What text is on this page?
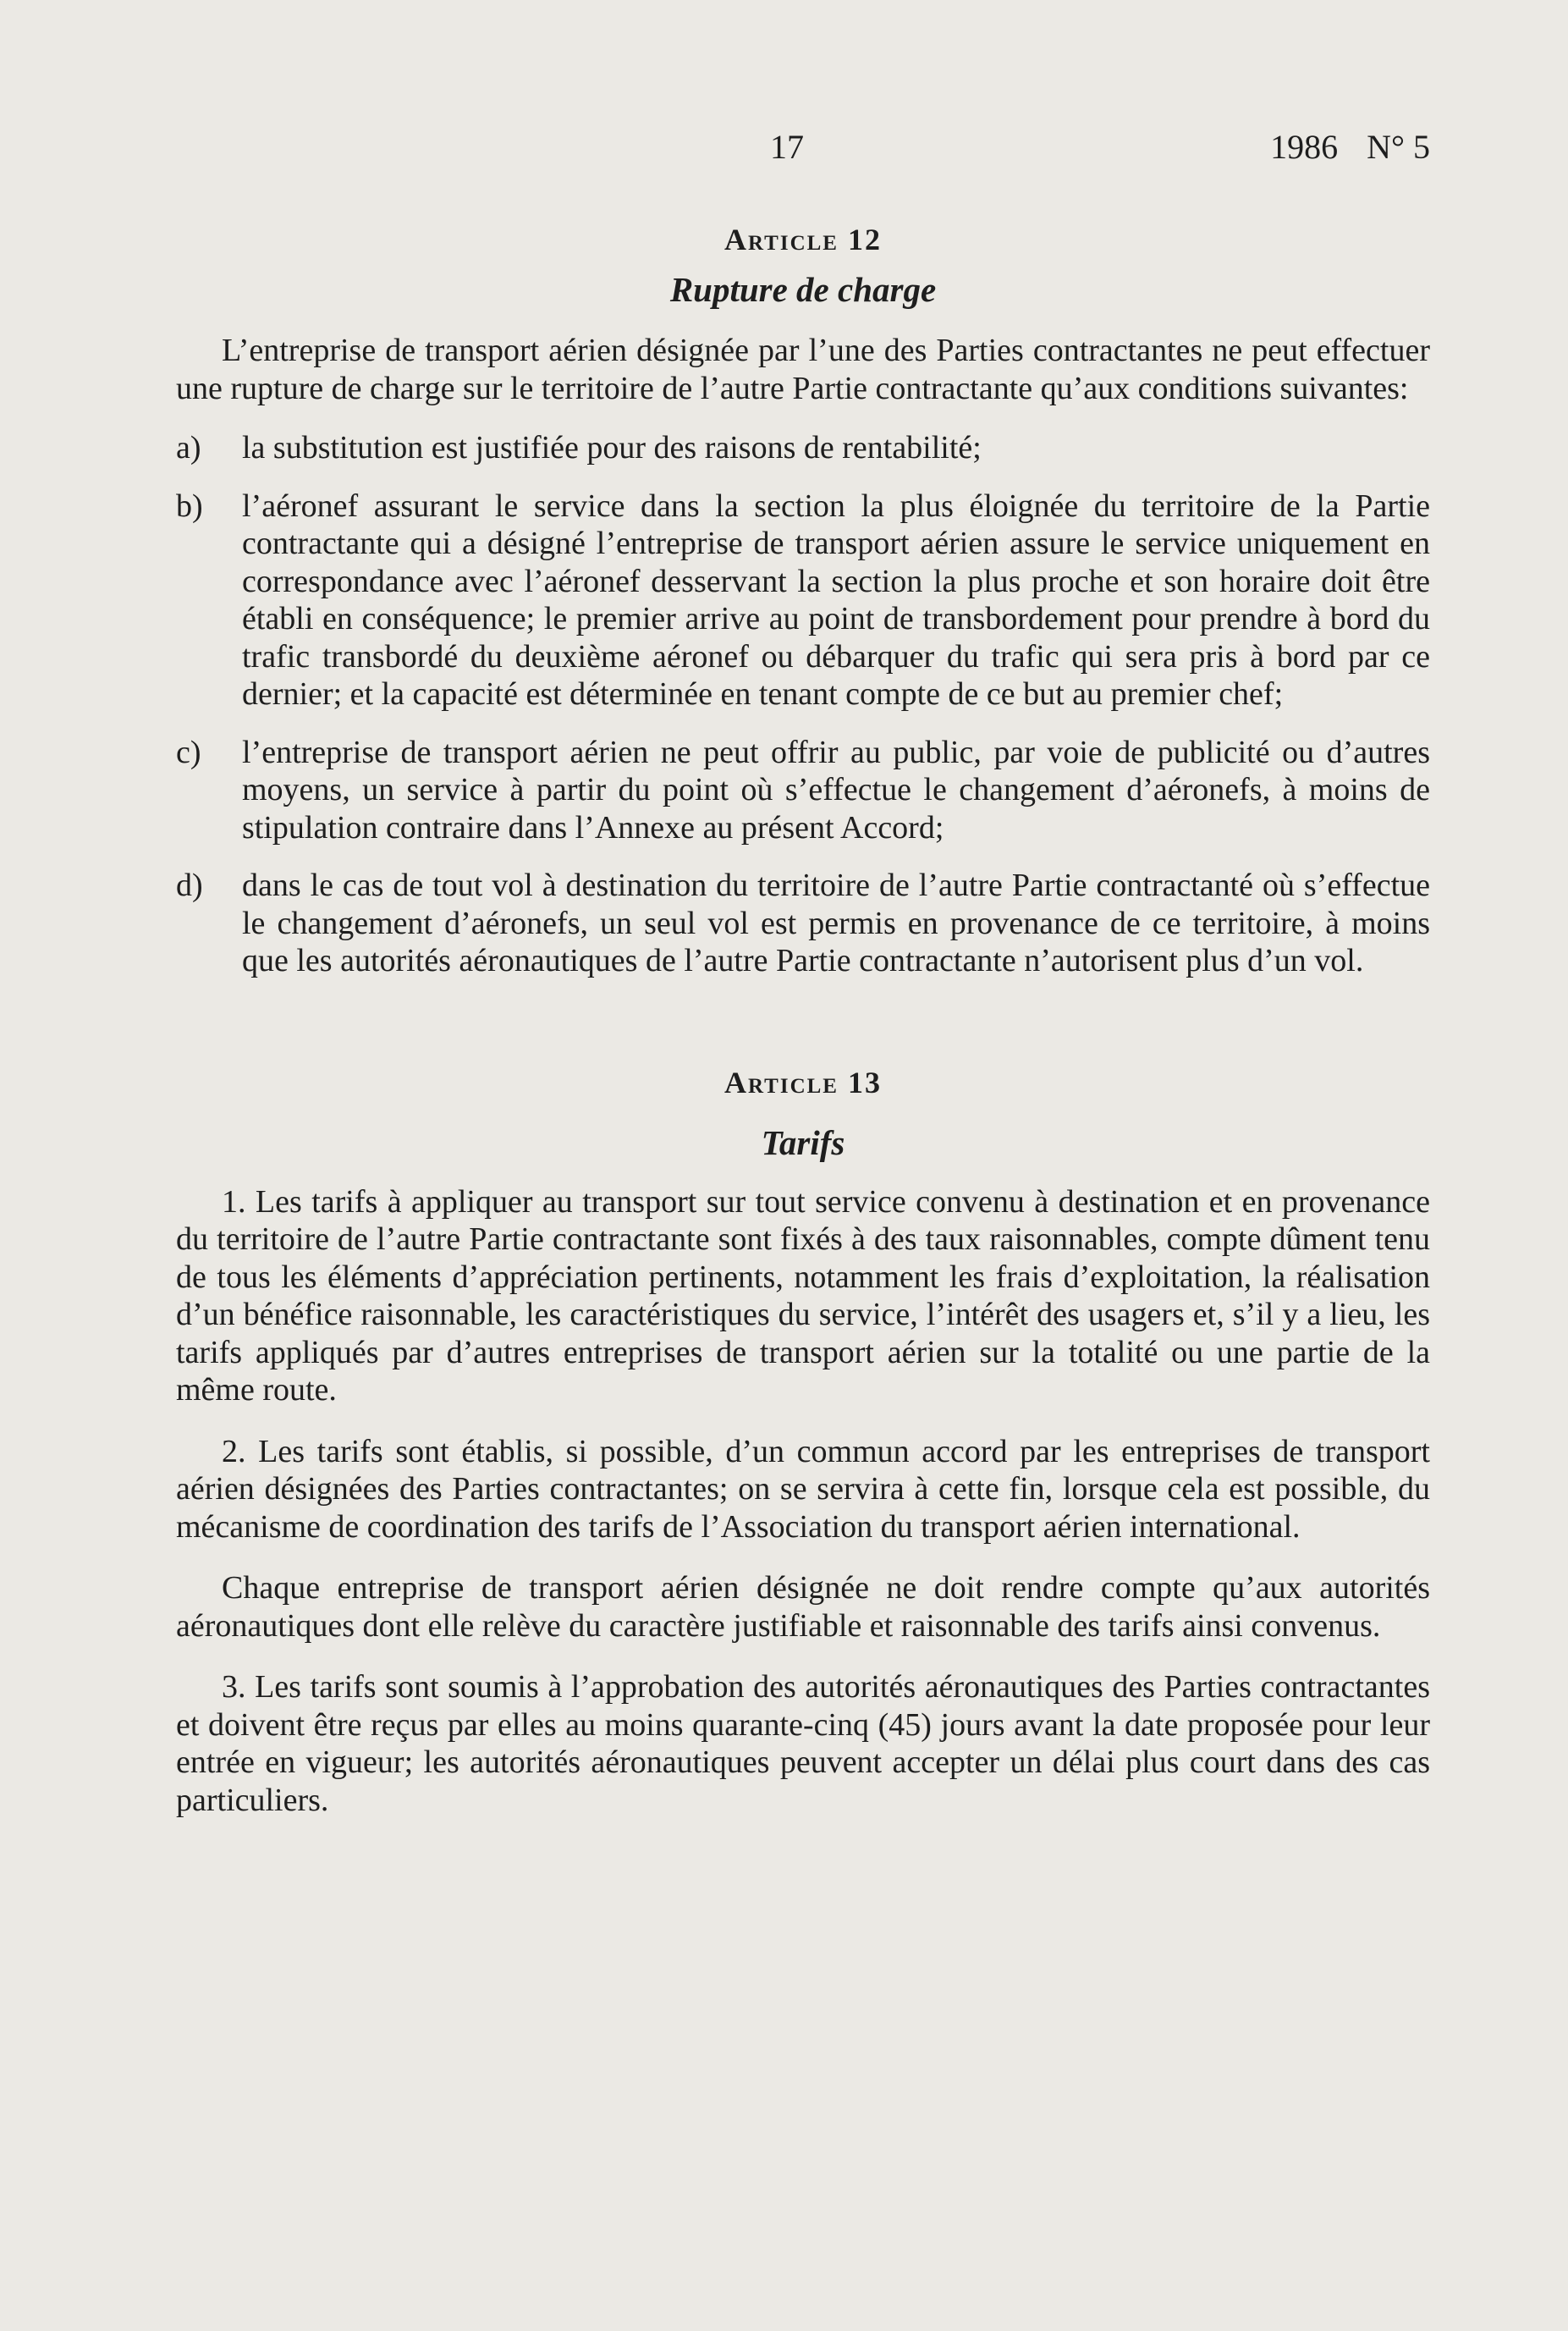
17	1986 N° 5
Article 12
Rupture de charge

L’entreprise de transport aérien désignée par l’une des Parties contractantes ne peut effectuer une rupture de charge sur le territoire de l’autre Partie contractante qu’aux conditions suivantes:

a)	la substitution est justifiée pour des raisons de rentabilité;
b)	l’aéronef assurant le service dans la section la plus éloignée du territoire de la Partie contractante qui a désigné l’entreprise de transport aérien assure le service uniquement en correspondance avec l’aéronef desservant la section la plus proche et son horaire doit être établi en conséquence; le premier arrive au point de transbordement pour prendre à bord du trafic transbordé du deuxième aéronef ou débarquer du trafic qui sera pris à bord par ce dernier; et la capacité est déterminée en tenant compte de ce but au premier chef;
c)	l’entreprise de transport aérien ne peut offrir au public, par voie de publicité ou d’autres moyens, un service à partir du point où s’effectue le changement d’aéronefs, à moins de stipulation contraire dans l’Annexe au présent Accord;
d)	dans le cas de tout vol à destination du territoire de l’autre Partie contractanté où s’effectue le changement d’aéronefs, un seul vol est permis en provenance de ce territoire, à moins que les autorités aéronautiques de l’autre Partie contractante n’autorisent plus d’un vol.
Article 13
Tarifs

1. Les tarifs à appliquer au transport sur tout service convenu à destination et en provenance du territoire de l’autre Partie contractante sont fixés à des taux raisonnables, compte dûment tenu de tous les éléments d’appréciation pertinents, notamment les frais d’exploitation, la réalisation d’un bénéfice raisonnable, les caractéristiques du service, l’intérêt des usagers et, s’il y a lieu, les tarifs appliqués par d’autres entreprises de transport aérien sur la totalité ou une partie de la même route.

2. Les tarifs sont établis, si possible, d’un commun accord par les entreprises de transport aérien désignées des Parties contractantes; on se servira à cette fin, lorsque cela est possible, du mécanisme de coordination des tarifs de l’Association du transport aérien international.

Chaque entreprise de transport aérien désignée ne doit rendre compte qu’aux autorités aéronautiques dont elle relève du caractère justifiable et raisonnable des tarifs ainsi convenus.

3. Les tarifs sont soumis à l’approbation des autorités aéronautiques des Parties contractantes et doivent être reçus par elles au moins quarante-cinq (45) jours avant la date proposée pour leur entrée en vigueur; les autorités aéronautiques peuvent accepter un délai plus court dans des cas particuliers.
